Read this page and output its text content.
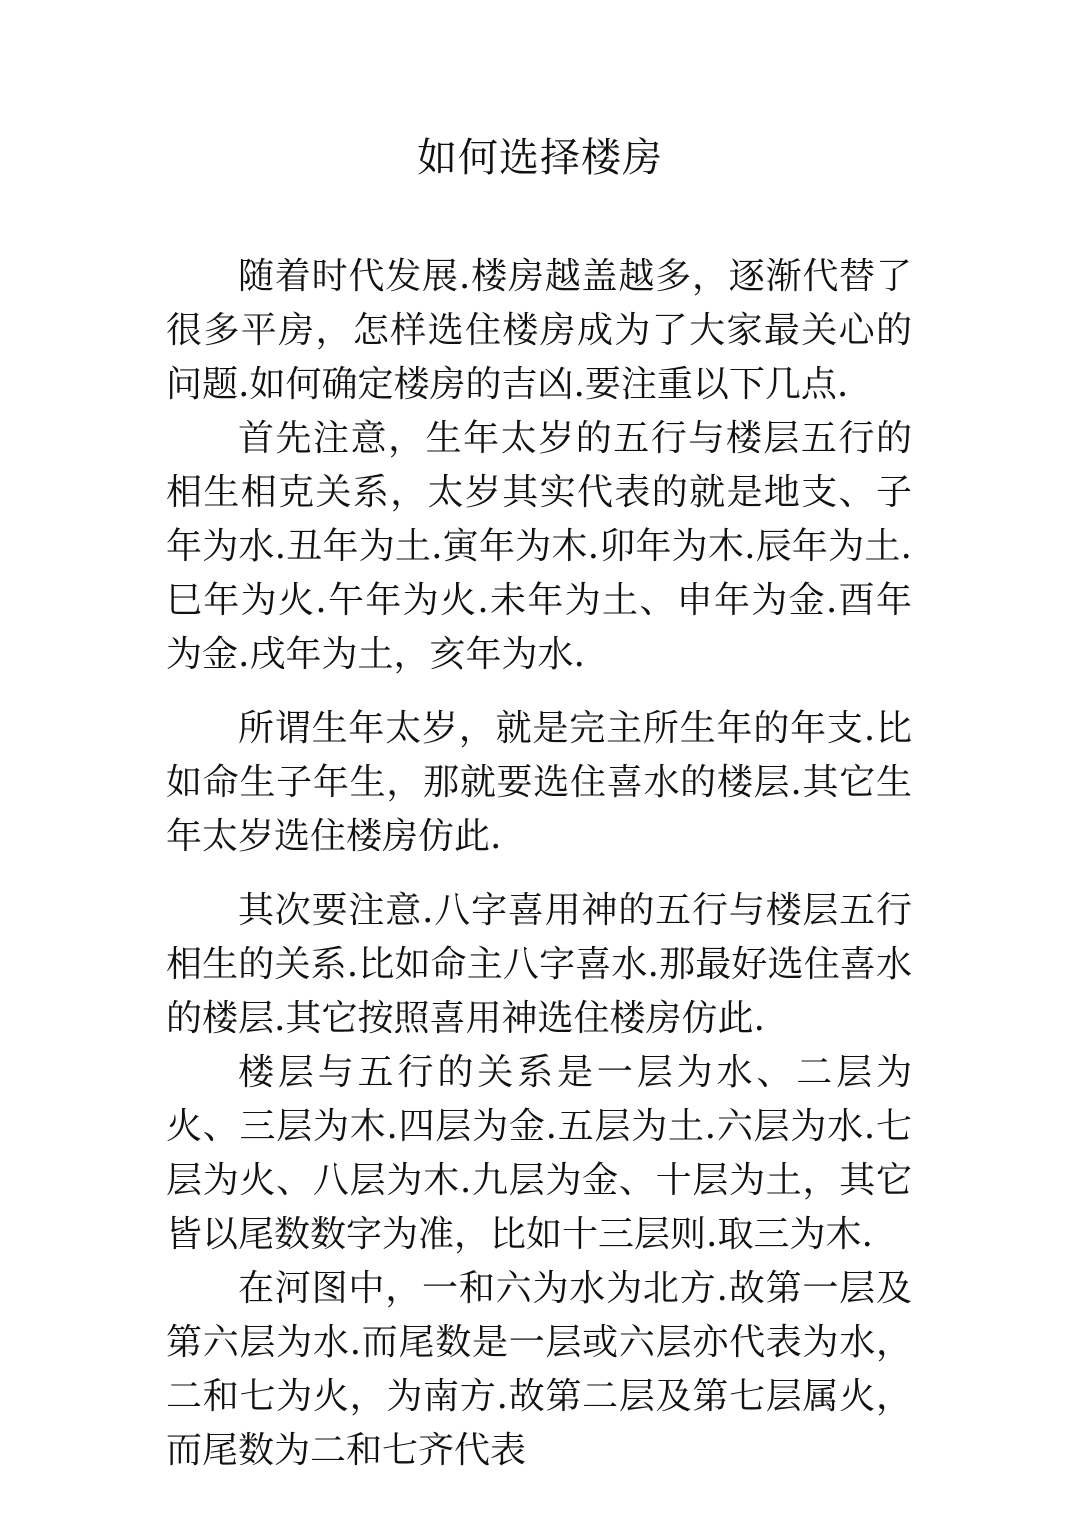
如何选择楼房

随着时代发展.楼房越盖越多，逐渐代替了很多平房，怎样选住楼房成为了大家最关心的问题.如何确定楼房的吉凶.要注重以下几点.

首先注意，生年太岁的五行与楼层五行的相生相克关系，太岁其实代表的就是地支、子年为水.丑年为土.寅年为木.卯年为木.辰年为土.巳年为火.午年为火.未年为土、申年为金.酉年为金.戌年为土，亥年为水.

所谓生年太岁，就是完主所生年的年支.比如命生子年生，那就要选住喜水的楼层.其它生年太岁选住楼房仿此.

其次要注意.八字喜用神的五行与楼层五行相生的关系.比如命主八字喜水.那最好选住喜水的楼层.其它按照喜用神选住楼房仿此.

楼层与五行的关系是一层为水、二层为火、三层为木.四层为金.五层为土.六层为水.七层为火、八层为木.九层为金、十层为土，其它皆以尾数数字为准，比如十三层则.取三为木.

在河图中，一和六为水为北方.故第一层及第六层为水.而尾数是一层或六层亦代表为水，二和七为火，为南方.故第二层及第七层属火，而尾数为二和七齐代表
